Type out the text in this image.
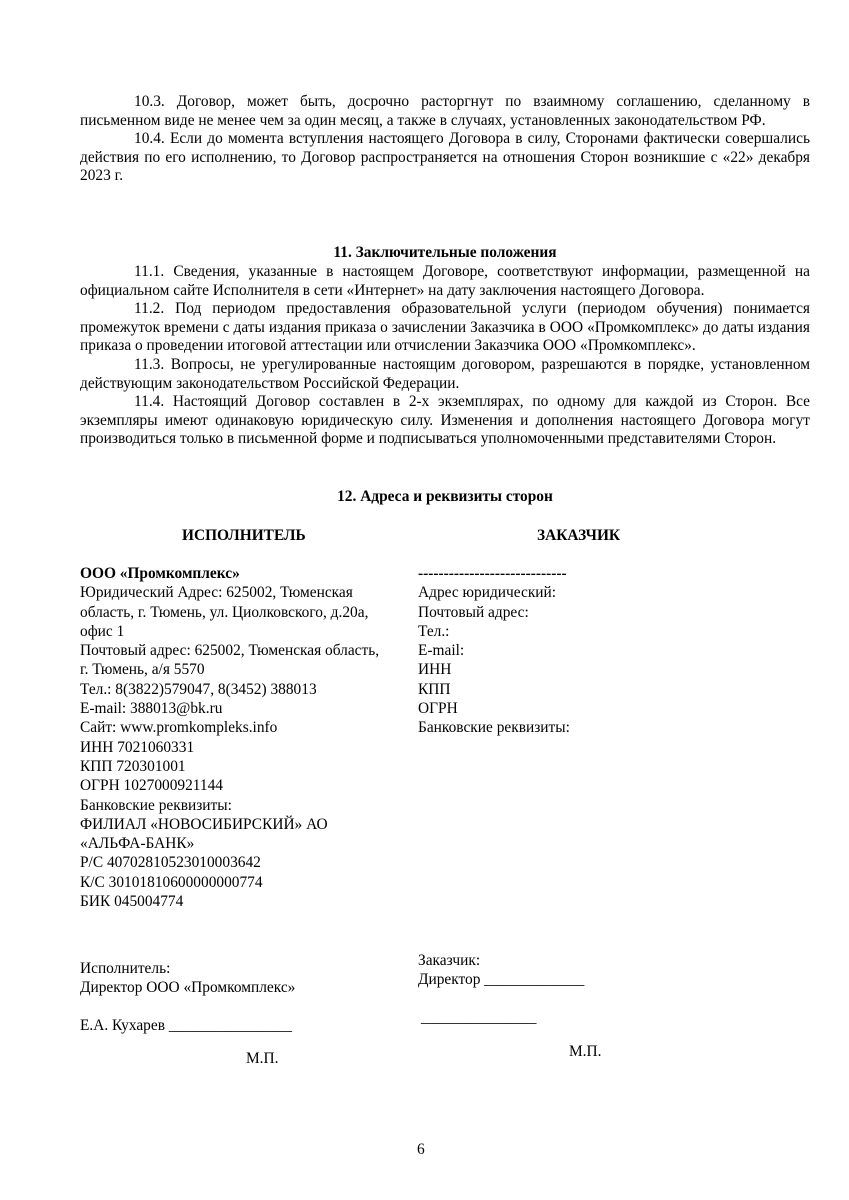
10.3. Договор, может быть, досрочно расторгнут по взаимному соглашению, сделанному в письменном виде не менее чем за один месяц, а также в случаях, установленных законодательством РФ.

10.4. Если до момента вступления настоящего Договора в силу, Сторонами фактически совершались действия по его исполнению, то Договор распространяется на отношения Сторон возникшие с «22» декабря 2023 г.

11. Заключительные положения

11.1. Сведения, указанные в настоящем Договоре, соответствуют информации, размещенной на официальном сайте Исполнителя в сети «Интернет» на дату заключения настоящего Договора.

11.2. Под периодом предоставления образовательной услуги (периодом обучения) понимается промежуток времени с даты издания приказа о зачислении Заказчика в ООО «Промкомплекс» до даты издания приказа о проведении итоговой аттестации или отчислении Заказчика ООО «Промкомплекс».

11.3. Вопросы, не урегулированные настоящим договором, разрешаются в порядке, установленном действующим законодательством Российской Федерации.

11.4. Настоящий Договор составлен в 2-х экземплярах, по одному для каждой из Сторон. Все экземпляры имеют одинаковую юридическую силу. Изменения и дополнения настоящего Договора могут производиться только в письменной форме и подписываться уполномоченными представителями Сторон.

12. Адреса и реквизиты сторон
ИСПОЛНИТЕЛЬ	ЗАКАЗЧИК
ООО «Промкомплекс»
Юридический Адрес: 625002, Тюменская
область, г. Тюмень, ул. Циолковского, д.20а,
офис 1
Почтовый адрес: 625002, Тюменская область,
г. Тюмень, а/я 5570
Тел.: 8(3822)579047, 8(3452) 388013
E-mail: 388013@bk.ru
Сайт: www.promkompleks.info
ИНН 7021060331
КПП 720301001
ОГРН 1027000921144
Банковские реквизиты:
ФИЛИАЛ «НОВОСИБИРСКИЙ» АО
«АЛЬФА-БАНК»
Р/С 40702810523010003642
К/С 30101810600000000774
БИК 045004774
-----------------------------
Адрес юридический:
Почтовый адрес:
Тел.:
E-mail:
ИНН
КПП
ОГРН
Банковские реквизиты:
Исполнитель:
Директор ООО «Промкомплекс»
Е.А. Кухарев ________________
М.П.
Заказчик:
Директор _____________
_______________
М.П.
6
